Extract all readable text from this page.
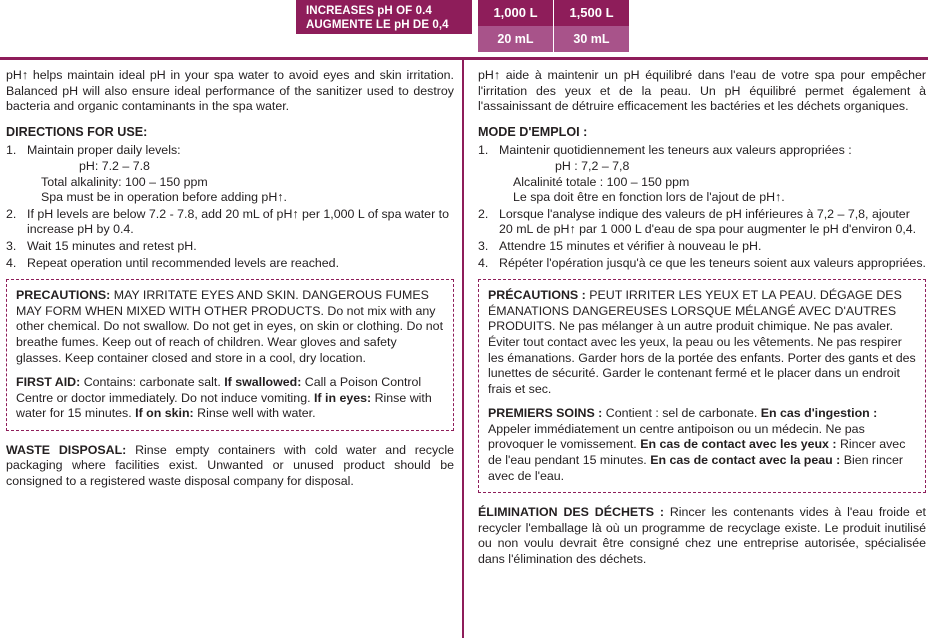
INCREASES pH OF 0.4
AUGMENTE LE pH DE 0,4
1,000 L	1,500 L
20 mL	30 mL

pH↑ helps maintain ideal pH in your spa water to avoid eyes and skin irritation. Balanced pH will also ensure ideal performance of the sanitizer used to destroy bacteria and organic contaminants in the spa water.

DIRECTIONS FOR USE:
1. Maintain proper daily levels:
pH: 7.2 – 7.8
Total alkalinity: 100 – 150 ppm
Spa must be in operation before adding pH↑.
2. If pH levels are below 7.2 - 7.8, add 20 mL of pH↑ per 1,000 L of spa water to increase pH by 0.4.
3. Wait 15 minutes and retest pH.
4. Repeat operation until recommended levels are reached.
PRECAUTIONS: MAY IRRITATE EYES AND SKIN. DANGEROUS FUMES MAY FORM WHEN MIXED WITH OTHER PRODUCTS. Do not mix with any other chemical. Do not swallow. Do not get in eyes, on skin or clothing. Do not breathe fumes. Keep out of reach of children. Wear gloves and safety glasses. Keep container closed and store in a cool, dry location.
FIRST AID: Contains: carbonate salt. If swallowed: Call a Poison Control Centre or doctor immediately. Do not induce vomiting. If in eyes: Rinse with water for 15 minutes. If on skin: Rinse well with water.
WASTE DISPOSAL: Rinse empty containers with cold water and recycle packaging where facilities exist. Unwanted or unused product should be consigned to a registered waste disposal company for disposal.

pH↑ aide à maintenir un pH équilibré dans l'eau de votre spa pour empêcher l'irritation des yeux et de la peau. Un pH équilibré permet également à l'assainissant de détruire efficacement les bactéries et les déchets organiques.

MODE D'EMPLOI :
1. Maintenir quotidiennement les teneurs aux valeurs appropriées :
pH : 7,2 – 7,8
Alcalinité totale : 100 – 150 ppm
Le spa doit être en fonction lors de l'ajout de pH↑.
2. Lorsque l'analyse indique des valeurs de pH inférieures à 7,2 – 7,8, ajouter 20 mL de pH↑ par 1 000 L d'eau de spa pour augmenter le pH d'environ 0,4.
3. Attendre 15 minutes et vérifier à nouveau le pH.
4. Répéter l'opération jusqu'à ce que les teneurs soient aux valeurs appropriées.
PRÉCAUTIONS : PEUT IRRITER LES YEUX ET LA PEAU. DÉGAGE DES ÉMANATIONS DANGEREUSES LORSQUE MÉLANGÉ AVEC D'AUTRES PRODUITS. Ne pas mélanger à un autre produit chimique. Ne pas avaler. Éviter tout contact avec les yeux, la peau ou les vêtements. Ne pas respirer les émanations. Garder hors de la portée des enfants. Porter des gants et des lunettes de sécurité. Garder le contenant fermé et le placer dans un endroit frais et sec.
PREMIERS SOINS : Contient : sel de carbonate. En cas d'ingestion : Appeler immédiatement un centre antipoison ou un médecin. Ne pas provoquer le vomissement. En cas de contact avec les yeux : Rincer avec de l'eau pendant 15 minutes. En cas de contact avec la peau : Bien rincer avec de l'eau.
ÉLIMINATION DES DÉCHETS : Rincer les contenants vides à l'eau froide et recycler l'emballage là où un programme de recyclage existe. Le produit inutilisé ou non voulu devrait être consigné chez une entreprise autorisée, spécialisée dans l'élimination des déchets.
